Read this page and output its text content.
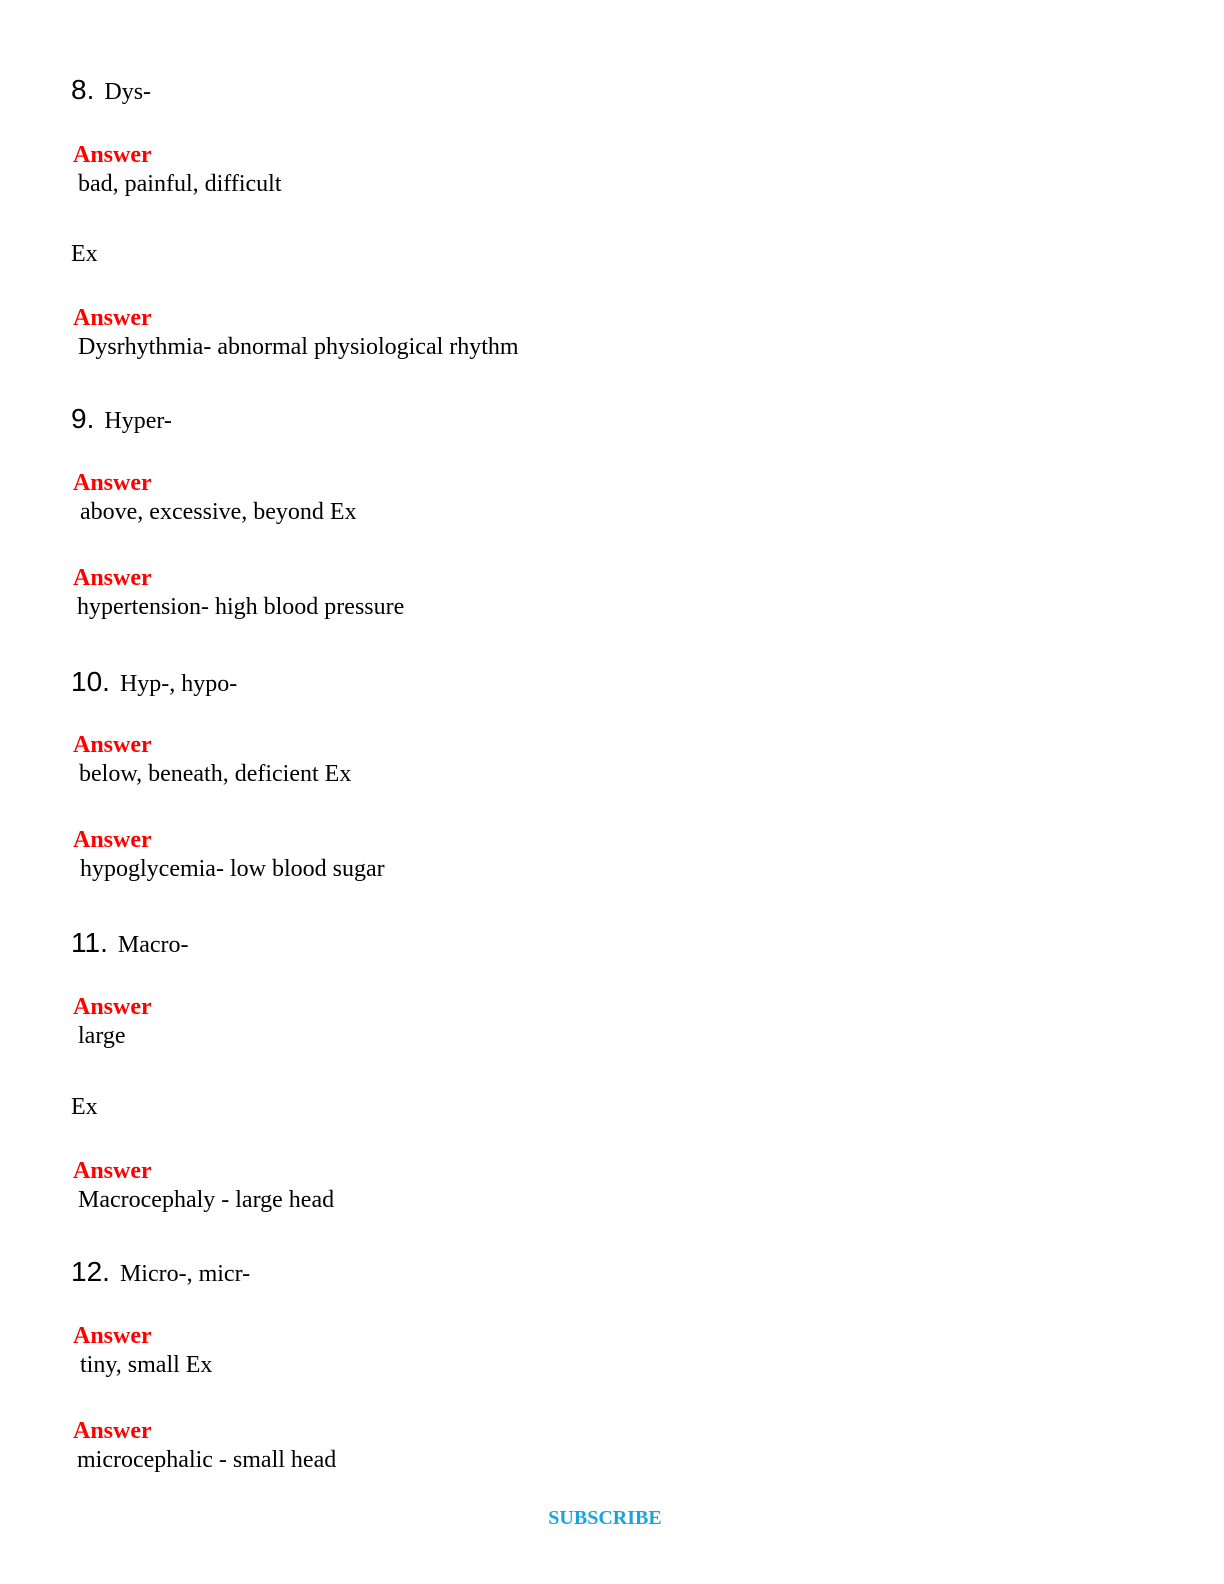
8. Dys-
Answer
bad, painful, difficult
Ex
Answer
Dysrhythmia- abnormal physiological rhythm
9. Hyper-
Answer
above, excessive, beyond Ex
Answer
hypertension- high blood pressure
10. Hyp-, hypo-
Answer
below, beneath, deficient Ex
Answer
hypoglycemia- low blood sugar
11. Macro-
Answer
large
Ex
Answer
Macrocephaly - large head
12. Micro-, micr-
Answer
tiny, small Ex
Answer
microcephalic - small head
SUBSCRIBE
